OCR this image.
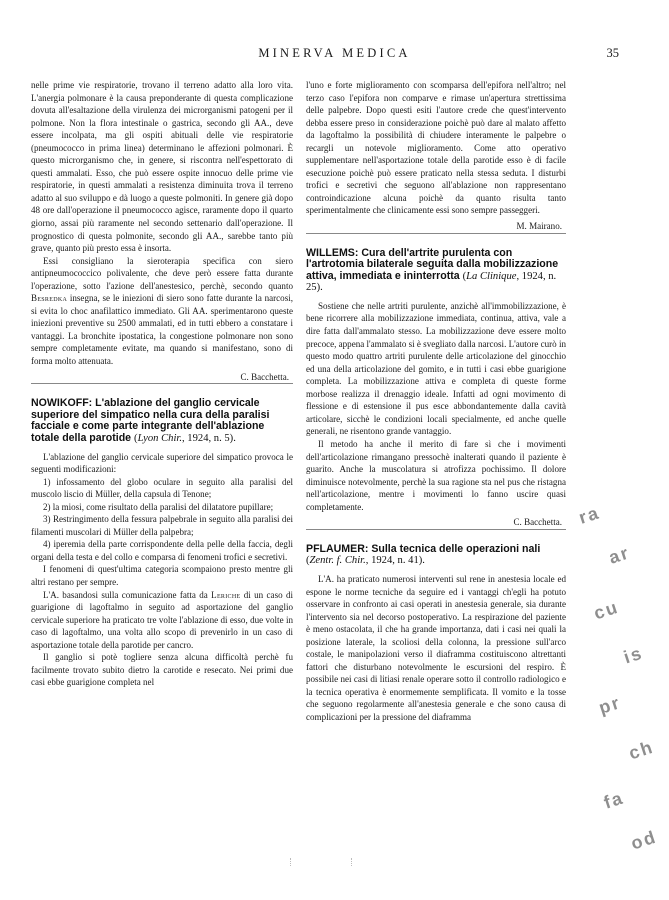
MINERVA MEDICA	35

nelle prime vie respiratorie, trovano il terreno adatto alla loro vita. L'anergia polmonare è la causa preponderante di questa complicazione dovuta all'esaltazione della virulenza dei microrganismi patogeni per il polmone. Non la flora intestinale o gastrica, secondo gli AA., deve essere incolpata, ma gli ospiti abituali delle vie respiratorie (pneumococco in prima linea) determinano le affezioni polmonari. È questo microrganismo che, in genere, si riscontra nell'espettorato di questi ammalati. Esso, che può essere ospite innocuo delle prime vie respiratorie, in questi ammalati a resistenza diminuita trova il terreno adatto al suo sviluppo e dà luogo a queste polmoniti. In genere già dopo 48 ore dall'operazione il pneumococco agisce, raramente dopo il quarto giorno, assai più raramente nel secondo settenario dall'operazione. Il prognostico di questa polmonite, secondo gli AA., sarebbe tanto più grave, quanto più presto essa è insorta.

Essi consigliano la sieroterapia specifica con siero antipneumococcico polivalente, che deve però essere fatta durante l'operazione, sotto l'azione dell'anestesico, perchè, secondo quanto Besredka insegna, se le iniezioni di siero sono fatte durante la narcosi, si evita lo choc anafilattico immediato. Gli AA. sperimentarono queste iniezioni preventive su 2500 ammalati, ed in tutti ebbero a constatare i vantaggi. La bronchite ipostatica, la congestione polmonare non sono sempre completamente evitate, ma quando si manifestano, sono di forma molto attenuata.

C. Bacchetta.

NOWIKOFF: L'ablazione del ganglio cervicale superiore del simpatico nella cura della paralisi facciale e come parte integrante dell'ablazione totale della parotide (Lyon Chir., 1924, n. 5).

L'ablazione del ganglio cervicale superiore del simpatico provoca le seguenti modificazioni:

1) infossamento del globo oculare in seguito alla paralisi del muscolo liscio di Müller, della capsula di Tenone;

2) la miosi, come risultato della paralisi del dilatatore pupillare;

3) Restringimento della fessura palpebrale in seguito alla paralisi dei filamenti muscolari di Müller della palpebra;

4) iperemia della parte corrispondente della pelle della faccia, degli organi della testa e del collo e comparsa di fenomeni trofici e secretivi.

I fenomeni di quest'ultima categoria scompaiono presto mentre gli altri restano per sempre.

L'A. basandosi sulla comunicazione fatta da Leriche di un caso di guarigione di lagoftalmo in seguito ad asportazione del ganglio cervicale superiore ha praticato tre volte l'ablazione di esso, due volte in caso di lagoftalmo, una volta allo scopo di prevenirlo in un caso di asportazione totale della parotide per cancro.

Il ganglio si potè togliere senza alcuna difficoltà perchè fu facilmente trovato subito dietro la carotide e resecato. Nei primi due casi ebbe guarigione completa nel

l'uno e forte miglioramento con scomparsa dell'epifora nell'altro; nel terzo caso l'epifora non comparve e rimase un'apertura strettissima delle palpebre. Dopo questi esiti l'autore crede che quest'intervento debba essere preso in considerazione poichè può dare al malato affetto da lagoftalmo la possibilità di chiudere interamente le palpebre o recargli un notevole miglioramento. Come atto operativo supplementare nell'asportazione totale della parotide esso è di facile esecuzione poichè può essere praticato nella stessa seduta. I disturbi trofici e secretivi che seguono all'ablazione non rappresentano controindicazione alcuna poichè da quanto risulta tanto sperimentalmente che clinicamente essi sono sempre passeggeri.

M. Mairano.

WILLEMS: Cura dell'artrite purulenta con l'artrotomia bilaterale seguita dalla mobilizzazione attiva, immediata e ininterrotta (La Clinique, 1924, n. 25).

Sostiene che nelle artriti purulente, anzichè all'immobilizzazione, è bene ricorrere alla mobilizzazione immediata, continua, attiva, vale a dire fatta dall'ammalato stesso. La mobilizzazione deve essere molto precoce, appena l'ammalato si è svegliato dalla narcosi. L'autore curò in questo modo quattro artriti purulente delle articolazione del ginocchio ed una della articolazione del gomito, e in tutti i casi ebbe guarigione completa. La mobilizzazione attiva e completa di queste forme morbose realizza il drenaggio ideale. Infatti ad ogni movimento di flessione e di estensione il pus esce abbondantemente dalla cavità articolare, sicchè le condizioni locali specialmente, ed anche quelle generali, ne risentono grande vantaggio.

Il metodo ha anche il merito di fare sì che i movimenti dell'articolazione rimangano pressochè inalterati quando il paziente è guarito. Anche la muscolatura si atrofizza pochissimo. Il dolore diminuisce notevolmente, perchè la sua ragione sta nel pus che ristagna nell'articolazione, mentre i movimenti lo fanno uscire quasi completamente.

C. Bacchetta.

PFLAUMER: Sulla tecnica delle operazioni nali (Zentr. f. Chir., 1924, n. 41).

L'A. ha praticato numerosi interventi sul rene in anestesia locale ed espone le norme tecniche da seguire ed i vantaggi ch'egli ha potuto osservare in confronto ai casi operati in anestesia generale, sia durante l'intervento sia nel decorso postoperativo. La respirazione del paziente è meno ostacolata, il che ha grande importanza, dati i casi nei quali la posizione laterale, la scoliosi della colonna, la pressione sull'arco costale, le manipolazioni verso il diaframma costituiscono altrettanti fattori che disturbano notevolmente le escursioni del respiro. È possibile nei casi di litiasi renale operare sotto il controllo radiologico e la tecnica operativa è enormemente semplificata. Il vomito e la tosse che seguono regolarmente all'anestesia generale e che sono causa di complicazioni per la pressione del diaframma

ra
ar
cu
is
pr
ch
fa
od
